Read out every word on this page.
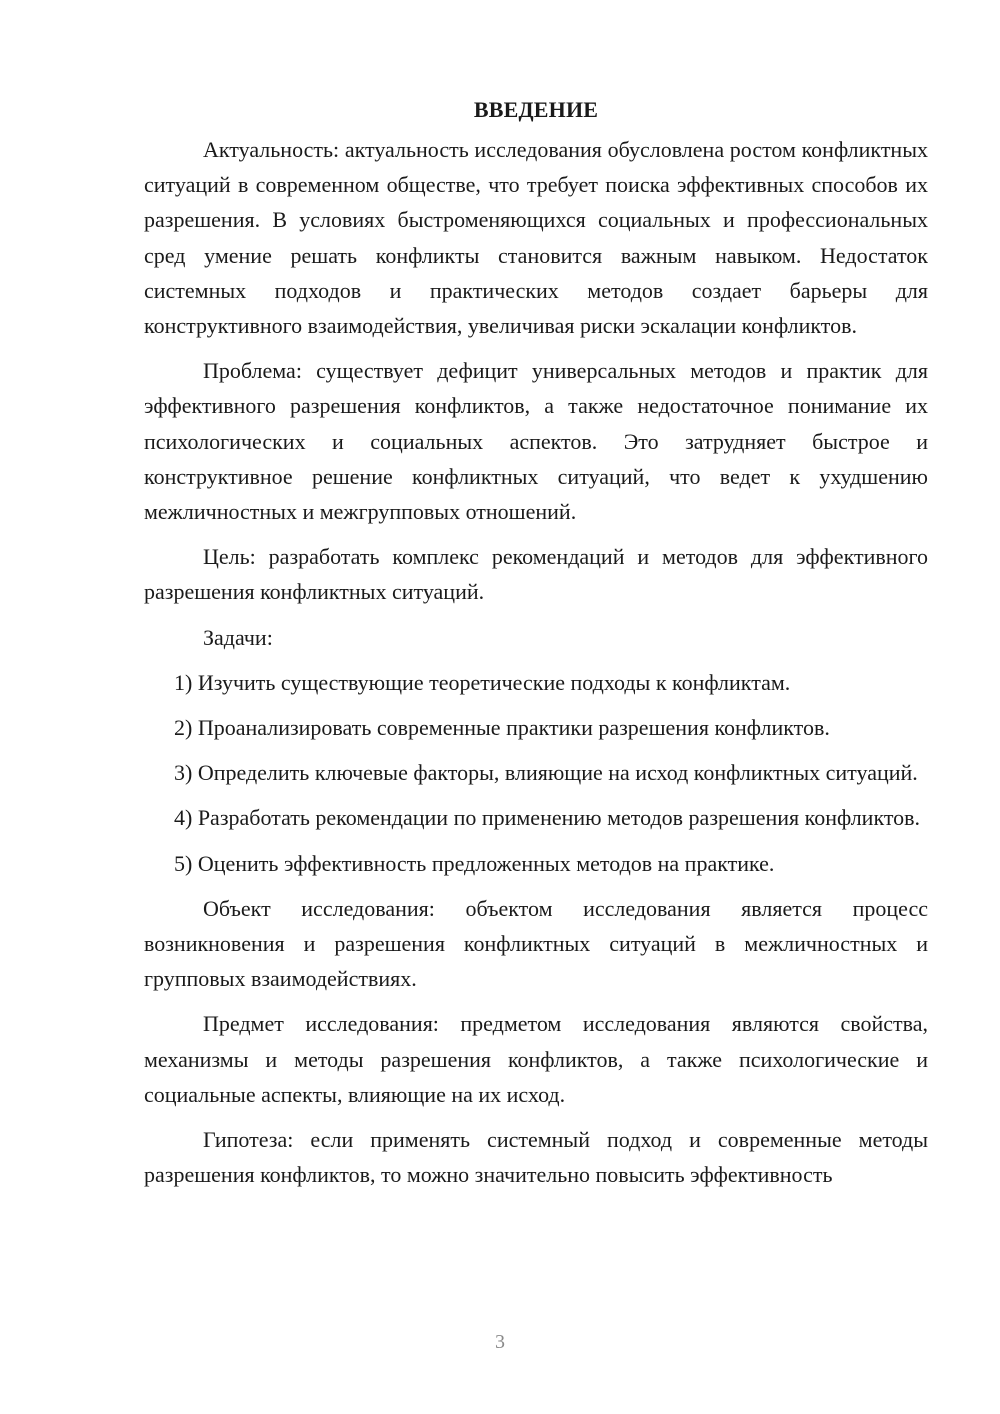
ВВЕДЕНИЕ

Актуальность: актуальность исследования обусловлена ростом конфликтных ситуаций в современном обществе, что требует поиска эффективных способов их разрешения. В условиях быстроменяющихся социальных и профессиональных сред умение решать конфликты становится важным навыком. Недостаток системных подходов и практических методов создает барьеры для конструктивного взаимодействия, увеличивая риски эскалации конфликтов.

Проблема: существует дефицит универсальных методов и практик для эффективного разрешения конфликтов, а также недостаточное понимание их психологических и социальных аспектов. Это затрудняет быстрое и конструктивное решение конфликтных ситуаций, что ведет к ухудшению межличностных и межгрупповых отношений.

Цель: разработать комплекс рекомендаций и методов для эффективного разрешения конфликтных ситуаций.

Задачи:

1) Изучить существующие теоретические подходы к конфликтам.

2) Проанализировать современные практики разрешения конфликтов.

3) Определить ключевые факторы, влияющие на исход конфликтных ситуаций.

4) Разработать рекомендации по применению методов разрешения конфликтов.

5) Оценить эффективность предложенных методов на практике.

Объект исследования: объектом исследования является процесс возникновения и разрешения конфликтных ситуаций в межличностных и групповых взаимодействиях.

Предмет исследования: предметом исследования являются свойства, механизмы и методы разрешения конфликтов, а также психологические и социальные аспекты, влияющие на их исход.

Гипотеза: если применять системный подход и современные методы разрешения конфликтов, то можно значительно повысить эффективность

3
